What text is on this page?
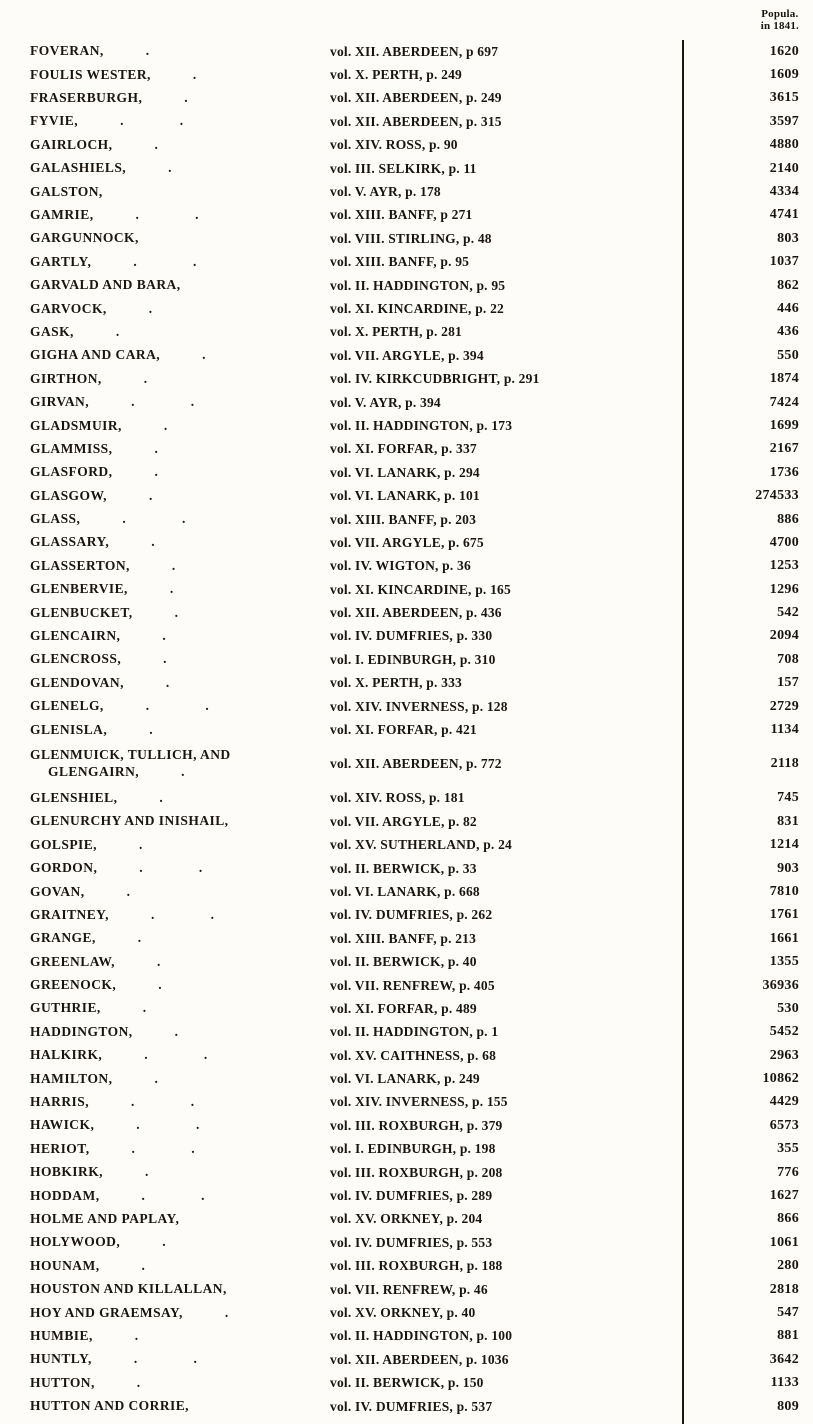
Popula.
in 1841.
FOVERAN,	.	vol. XII. ABERDEEN, p 697	1620
FOULIS WESTER,	.	vol. X. PERTH, p. 249	1609
FRASERBURGH,	.	vol. XII. ABERDEEN, p. 249	3615
FYVIE,	. .	vol. XII. ABERDEEN, p. 315	3597
GAIRLOCH,	.	vol. XIV. ROSS, p. 90	4880
GALASHIELS,	.	vol. III. SELKIRK, p. 11	2140
GALSTON,	vol. V. AYR, p. 178	4334
GAMRIE,	. .	vol. XIII. BANFF, p 271	4741
GARGUNNOCK,	vol. VIII. STIRLING, p. 48	803
GARTLY,	. .	vol. XIII. BANFF, p. 95	1037
GARVALD AND BARA,	vol. II. HADDINGTON, p. 95	862
GARVOCK,	.	vol. XI. KINCARDINE, p. 22	446
GASK,	.	vol. X. PERTH, p. 281	436
GIGHA AND CARA,	.	vol. VII. ARGYLE, p. 394	550
GIRTHON,	.	vol. IV. KIRKCUDBRIGHT, p. 291	1874
GIRVAN,	. .	vol. V. AYR, p. 394	7424
GLADSMUIR,	.	vol. II. HADDINGTON, p. 173	1699
GLAMMISS,	.	vol. XI. FORFAR, p. 337	2167
GLASFORD,	.	vol. VI. LANARK, p. 294	1736
GLASGOW,	.	vol. VI. LANARK, p. 101	274533
GLASS,	. .	vol. XIII. BANFF, p. 203	886
GLASSARY,	.	vol. VII. ARGYLE, p. 675	4700
GLASSERTON,	.	vol. IV. WIGTON, p. 36	1253
GLENBERVIE,	.	vol. XI. KINCARDINE, p. 165	1296
GLENBUCKET,	.	vol. XII. ABERDEEN, p. 436	542
GLENCAIRN,	.	vol. IV. DUMFRIES, p. 330	2094
GLENCROSS,	.	vol. I. EDINBURGH, p. 310	708
GLENDOVAN,	.	vol. X. PERTH, p. 333	157
GLENELG,	. .	vol. XIV. INVERNESS, p. 128	2729
GLENISLA,	.	vol. XI. FORFAR, p. 421	1134
GLENMUICK, TULLICH, AND
GLENGAIRN,	.
vol. XII. ABERDEEN, p. 772	2118
GLENSHIEL,	.	vol. XIV. ROSS, p. 181	745
GLENURCHY AND INISHAIL,	vol. VII. ARGYLE, p. 82	831
GOLSPIE,	.	vol. XV. SUTHERLAND, p. 24	1214
GORDON,	. .	vol. II. BERWICK, p. 33	903
GOVAN,	.	vol. VI. LANARK, p. 668	7810
GRAITNEY,	. .	vol. IV. DUMFRIES, p. 262	1761
GRANGE,	.	vol. XIII. BANFF, p. 213	1661
GREENLAW,	.	vol. II. BERWICK, p. 40	1355
GREENOCK,	.	vol. VII. RENFREW, p. 405	36936
GUTHRIE,	.	vol. XI. FORFAR, p. 489	530
HADDINGTON,	.	vol. II. HADDINGTON, p. 1	5452
HALKIRK,	. .	vol. XV. CAITHNESS, p. 68	2963
HAMILTON,	.	vol. VI. LANARK, p. 249	10862
HARRIS,	. .	vol. XIV. INVERNESS, p. 155	4429
HAWICK,	. .	vol. III. ROXBURGH, p. 379	6573
HERIOT,	. .	vol. I. EDINBURGH, p. 198	355
HOBKIRK,	.	vol. III. ROXBURGH, p. 208	776
HODDAM,	. .	vol. IV. DUMFRIES, p. 289	1627
HOLME AND PAPLAY,	vol. XV. ORKNEY, p. 204	866
HOLYWOOD,	.	vol. IV. DUMFRIES, p. 553	1061
HOUNAM,	.	vol. III. ROXBURGH, p. 188	280
HOUSTON AND KILLALLAN,	vol. VII. RENFREW, p. 46	2818
HOY AND GRAEMSAY,	.	vol. XV. ORKNEY, p. 40	547
HUMBIE,	.	vol. II. HADDINGTON, p. 100	881
HUNTLY,	. .	vol. XII. ABERDEEN, p. 1036	3642
HUTTON,	.	vol. II. BERWICK, p. 150	1133
HUTTON AND CORRIE,	vol. IV. DUMFRIES, p. 537	809
